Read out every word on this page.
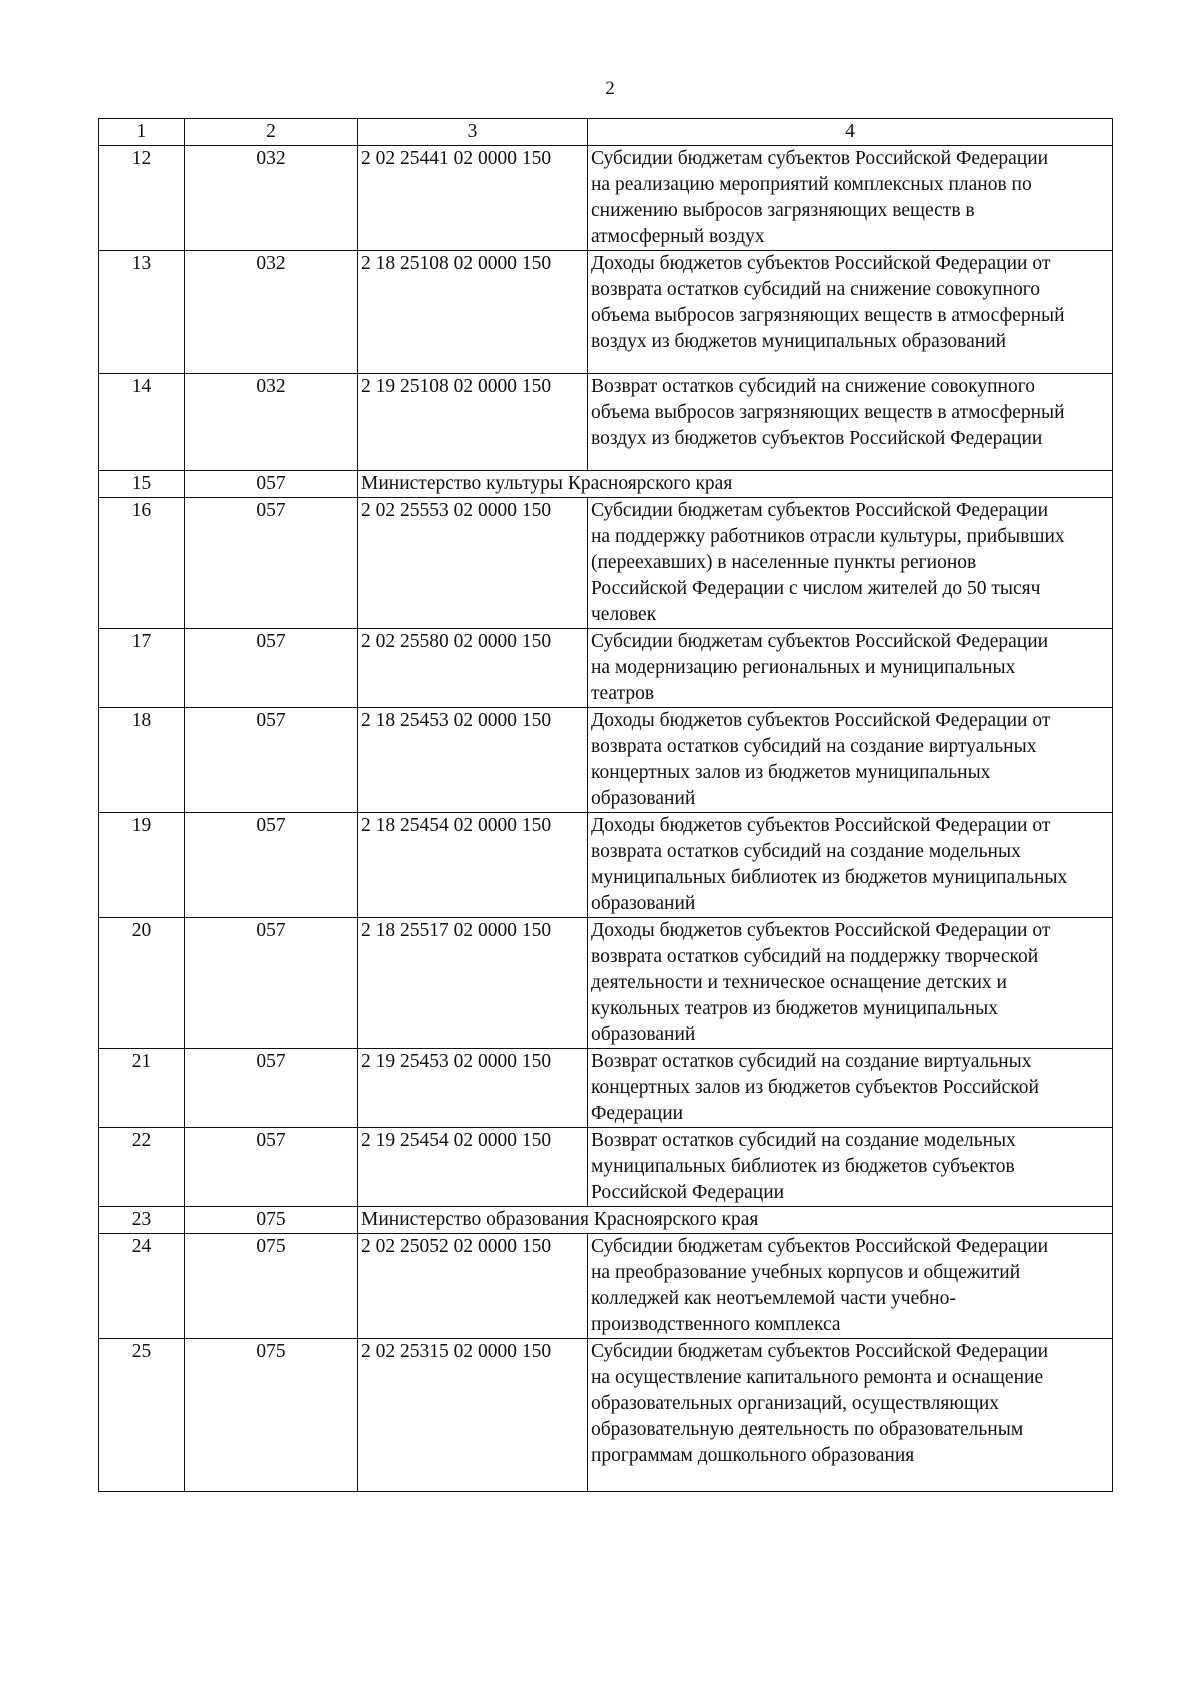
2
1	2	3	4
12	032	2 02 25441 02 0000 150	Субсидии бюджетам субъектов Российской Федерации
на реализацию мероприятий комплексных планов по
снижению выбросов загрязняющих веществ в
атмосферный воздух
13	032	2 18 25108 02 0000 150	Доходы бюджетов субъектов Российской Федерации от
возврата остатков субсидий на снижение совокупного
объема выбросов загрязняющих веществ в атмосферный
воздух из бюджетов муниципальных образований
14	032	2 19 25108 02 0000 150	Возврат остатков субсидий на снижение совокупного
объема выбросов загрязняющих веществ в атмосферный
воздух из бюджетов субъектов Российской Федерации
15	057	Министерство культуры Красноярского края	
16	057	2 02 25553 02 0000 150	Субсидии бюджетам субъектов Российской Федерации
на поддержку работников отрасли культуры, прибывших
(переехавших) в населенные пункты регионов
Российской Федерации с числом жителей до 50 тысяч
человек
17	057	2 02 25580 02 0000 150	Субсидии бюджетам субъектов Российской Федерации
на модернизацию региональных и муниципальных
театров
18	057	2 18 25453 02 0000 150	Доходы бюджетов субъектов Российской Федерации от
возврата остатков субсидий на создание виртуальных
концертных залов из бюджетов муниципальных
образований
19	057	2 18 25454 02 0000 150	Доходы бюджетов субъектов Российской Федерации от
возврата остатков субсидий на создание модельных
муниципальных библиотек из бюджетов муниципальных
образований
20	057	2 18 25517 02 0000 150	Доходы бюджетов субъектов Российской Федерации от
возврата остатков субсидий на поддержку творческой
деятельности и техническое оснащение детских и
кукольных театров из бюджетов муниципальных
образований
21	057	2 19 25453 02 0000 150	Возврат остатков субсидий на создание виртуальных
концертных залов из бюджетов субъектов Российской
Федерации
22	057	2 19 25454 02 0000 150	Возврат остатков субсидий на создание модельных
муниципальных библиотек из бюджетов субъектов
Российской Федерации
23	075	Министерство образования Красноярского края	
24	075	2 02 25052 02 0000 150	Субсидии бюджетам субъектов Российской Федерации
на преобразование учебных корпусов и общежитий
колледжей как неотъемлемой части учебно-
производственного комплекса
25	075	2 02 25315 02 0000 150	Субсидии бюджетам субъектов Российской Федерации
на осуществление капитального ремонта и оснащение
образовательных организаций, осуществляющих
образовательную деятельность по образовательным
программам дошкольного образования
